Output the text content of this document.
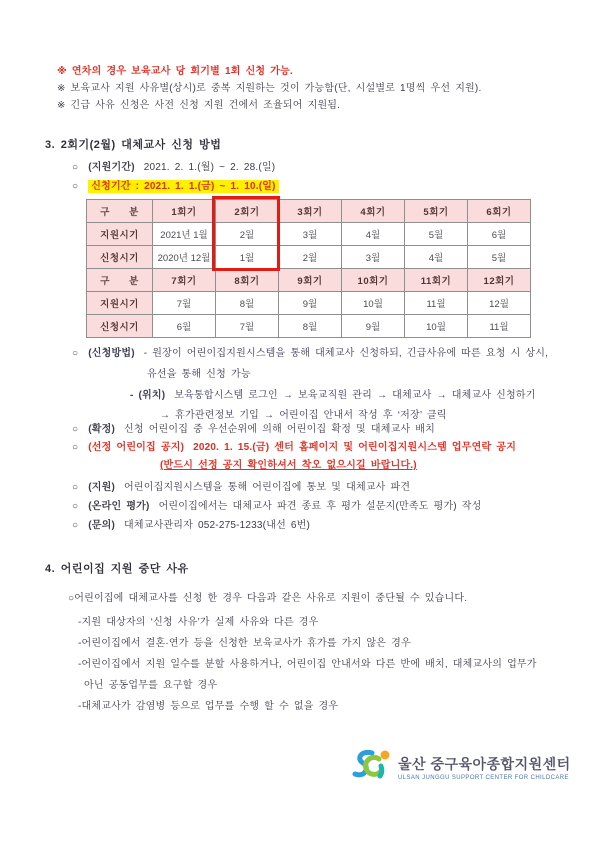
※ 연차의 경우 보육교사 당 회기별 1회 신청 가능.
※ 보육교사 지원 사유별(상시)로 중복 지원하는 것이 가능함(단, 시설별로 1명씩 우선 지원).
※ 긴급 사유 신청은 사전 신청 지원 건에서 조율되어 지원됨.
3. 2회기(2월) 대체교사 신청 방법
○ (지원기간) 2021. 2. 1.(월) ~ 2. 28.(일)
○ 신청기간 : 2021. 1. 1.(금) ~ 1. 10.(일)
구 분	1회기	2회기	3회기	4회기	5회기	6회기
지원시기	2021년 1월	2월	3월	4월	5월	6월
신청시기	2020년 12월	1월	2월	3월	4월	5월
구 분	7회기	8회기	9회기	10회기	11회기	12회기
지원시기	7월	8월	9월	10월	11월	12월
신청시기	6월	7월	8월	9월	10월	11월
○ (신청방법) - 원장이 어린이집지원시스템을 통해 대체교사 신청하되, 긴급사유에 따른 요청 시 상시,
유선을 통해 신청 가능
- (위치) 보육통합시스템 로그인 → 보육교직원 관리 → 대체교사 → 대체교사 신청하기
→ 휴가관련정보 기입 → 어린이집 안내서 작성 후 ‘저장’ 클릭
○ (확정) 신청 어린이집 중 우선순위에 의해 어린이집 확정 및 대체교사 배치
○ (선정 어린이집 공지) 2020. 1. 15.(금) 센터 홈페이지 및 어린이집지원시스템 업무연락 공지
(반드시 선정 공지 확인하셔서 착오 없으시길 바랍니다.)
○ (지원) 어린이집지원시스템을 통해 어린이집에 통보 및 대체교사 파견
○ (온라인 평가) 어린이집에서는 대체교사 파견 종료 후 평가 설문지(만족도 평가) 작성
○ (문의) 대체교사관리자 052-275-1233(내선 6번)
4. 어린이집 지원 중단 사유
○어린이집에 대체교사를 신청 한 경우 다음과 같은 사유로 지원이 중단될 수 있습니다.
-지원 대상자의 ‘신청 사유’가 실제 사유와 다른 경우
-어린이집에서 결혼·연가 등을 신청한 보육교사가 휴가를 가지 않은 경우
-어린이집에서 지원 일수를 분할 사용하거나, 어린이집 안내서와 다른 반에 배치, 대체교사의 업무가
아닌 공동업무를 요구할 경우
-대체교사가 감염병 등으로 업무를 수행 할 수 없을 경우
울산 중구육아종합지원센터
ULSAN JUNGGU SUPPORT CENTER FOR CHILDCARE
